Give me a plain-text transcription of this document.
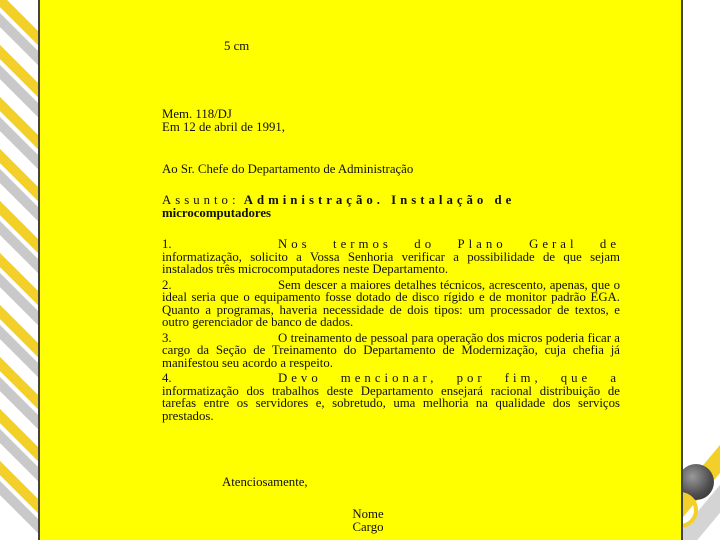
5 cm
Mem. 118/DJ
Em 12 de abril de 1991,
Ao Sr. Chefe do Departamento de Administração
Assunto: Administração. Instalação de
microcomputadores
1.	Nos termos do Plano Geral de informatização, solicito a Vossa Senhoria verificar a possibilidade de que sejam instalados três microcomputadores neste Departamento.
2.	Sem descer a maiores detalhes técnicos, acrescento, apenas, que o ideal seria que o equipamento fosse dotado de disco rígido e de monitor padrão EGA. Quanto a programas, haveria necessidade de dois tipos: um processador de textos, e outro gerenciador de banco de dados.
3.	O treinamento de pessoal para operação dos micros poderia ficar a cargo da Seção de Treinamento do Departamento de Modernização, cuja chefia já manifestou seu acordo a respeito.
4.	Devo mencionar, por fim, que a informatização dos trabalhos deste Departamento ensejará racional distribuição de tarefas entre os servidores e, sobretudo, uma melhoria na qualidade dos serviços prestados.
Atenciosamente,
Nome
Cargo
